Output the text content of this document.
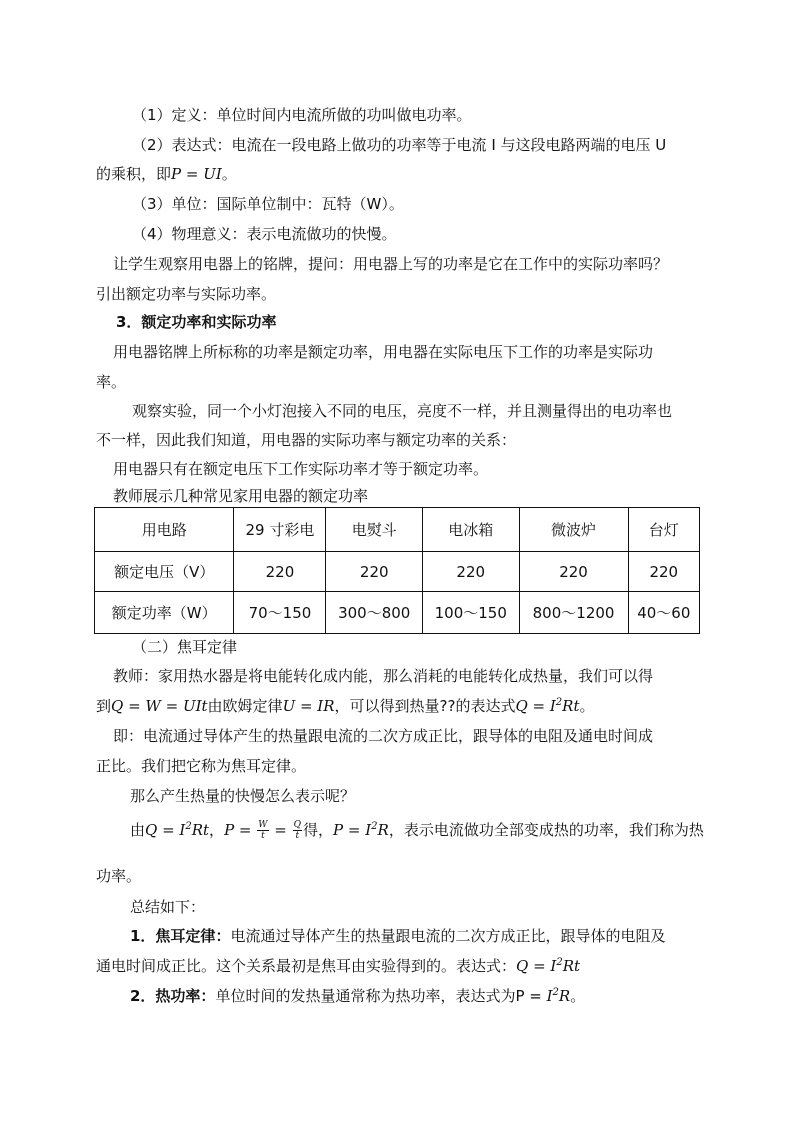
（1）定义：单位时间内电流所做的功叫做电功率。
（2）表达式：电流在一段电路上做功的功率等于电流 I 与这段电路两端的电压 U
的乘积，即P = UI。
（3）单位：国际单位制中：瓦特（W）。
（4）物理意义：表示电流做功的快慢。
让学生观察用电器上的铭牌，提问：用电器上写的功率是它在工作中的实际功率吗？
引出额定功率与实际功率。
3．额定功率和实际功率
用电器铭牌上所标称的功率是额定功率，用电器在实际电压下工作的功率是实际功
率。
观察实验，同一个小灯泡接入不同的电压，亮度不一样，并且测量得出的电功率也
不一样，因此我们知道，用电器的实际功率与额定功率的关系：
用电器只有在额定电压下工作实际功率才等于额定功率。
教师展示几种常见家用电器的额定功率
用电路	29 寸彩电	电熨斗	电冰箱	微波炉	台灯
额定电压（V）	220	220	220	220	220
额定功率（W）	70～150	300～800	100～150	800～1200	40～60
（二）焦耳定律
教师：家用热水器是将电能转化成内能，那么消耗的电能转化成热量，我们可以得
到Q = W = UIt由欧姆定律U = IR，可以得到热量??的表达式$Q = I^2Rt$。
即：电流通过导体产生的热量跟电流的二次方成正比，跟导体的电阻及通电时间成
正比。我们把它称为焦耳定律。
那么产生热量的快慢怎么表示呢？
由$Q = I^2Rt$，$P = \frac{W}{t} = \frac{Q}{t}$ 得，$P = I^2R$，表示电流做功全部变成热的功率，我们称为热
功率。
总结如下：
1．焦耳定律：电流通过导体产生的热量跟电流的二次方成正比，跟导体的电阻及
通电时间成正比。这个关系最初是焦耳由实验得到的。表达式：$Q = I^2Rt$
2．热功率：单位时间的发热量通常称为热功率，表达式为$P = I^2R$。
